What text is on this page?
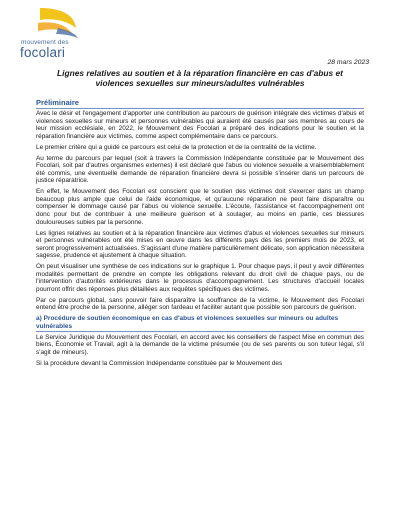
mouvement des
focolari
28 mars 2023
Lignes relatives au soutien et à la réparation financière en cas d'abus et violences sexuelles sur mineurs/adultes vulnérables
Préliminaire

Avec le désir et l'engagement d'apporter une contribution au parcours de guérison intégrale des victimes d'abus et violences sexuelles sur mineurs et personnes vulnérables qui auraient été causés par ses membres au cours de leur mission ecclésiale, en 2022, le Mouvement des Focolari a préparé des indications pour le soutien et la réparation financière aux victimes, comme aspect complémentaire dans ce parcours.

Le premier critère qui a guidé ce parcours est celui de la protection et de la centralité de la victime.

Au terme du parcours par lequel (soit à travers la Commission Indépendante constituée par le Mouvement des Focolari, soit par d'autres organismes externes) il est déclaré que l'abus ou violence sexuelle a vraisemblablement été commis, une éventuelle demande de réparation financière devra si possible s'insérer dans un parcours de justice réparatrice.

En effet, le Mouvement des Focolari est conscient que le soutien des victimes doit s'exercer dans un champ beaucoup plus ample que celui de l'aide économique, et qu'aucune réparation ne peut faire disparaître ou compenser le dommage causé par l'abus ou violence sexuelle. L'écoute, l'assistance et l'accompagnement ont donc pour but de contribuer à une meilleure guérison et à soulager, au moins en partie, ces blessures douloureuses subies par la personne.

Les lignes relatives au soutien et à la réparation financière aux victimes d'abus et violences sexuelles sur mineurs et personnes vulnérables ont été mises en œuvre dans les différents pays dès les premiers mois de 2023, et seront progressivement actualisées. S'agissant d'une matière particulièrement délicate, son application nécessitera sagesse, prudence et ajustement à chaque situation.

On peut visualiser une synthèse de ces indications sur le graphique 1. Pour chaque pays, il peut y avoir différentes modalités permettant de prendre en compte les obligations relevant du droit civil de chaque pays, ou de l'intervention d'autorités extérieures dans le processus d'accompagnement. Les structures d'accueil locales pourront offrir des réponses plus détaillées aux requêtes spécifiques des victimes.

Par ce parcours global, sans pouvoir faire disparaître la souffrance de la victime, le Mouvement des Focolari entend être proche de la personne, alléger son fardeau et faciliter autant que possible son parcours de guérison.

a) Procédure de soutien économique en cas d'abus et violences sexuelles sur mineurs ou adultes vulnérables

Le Service Juridique du Mouvement des Focolari, en accord avec les conseillers de l'aspect Mise en commun des biens, Économie et Travail, agit à la demande de la victime présumée (ou de ses parents ou son tuteur légal, s'il s'agit de mineurs).

Si la procédure devant la Commission Indépendante constituée par le Mouvement des
